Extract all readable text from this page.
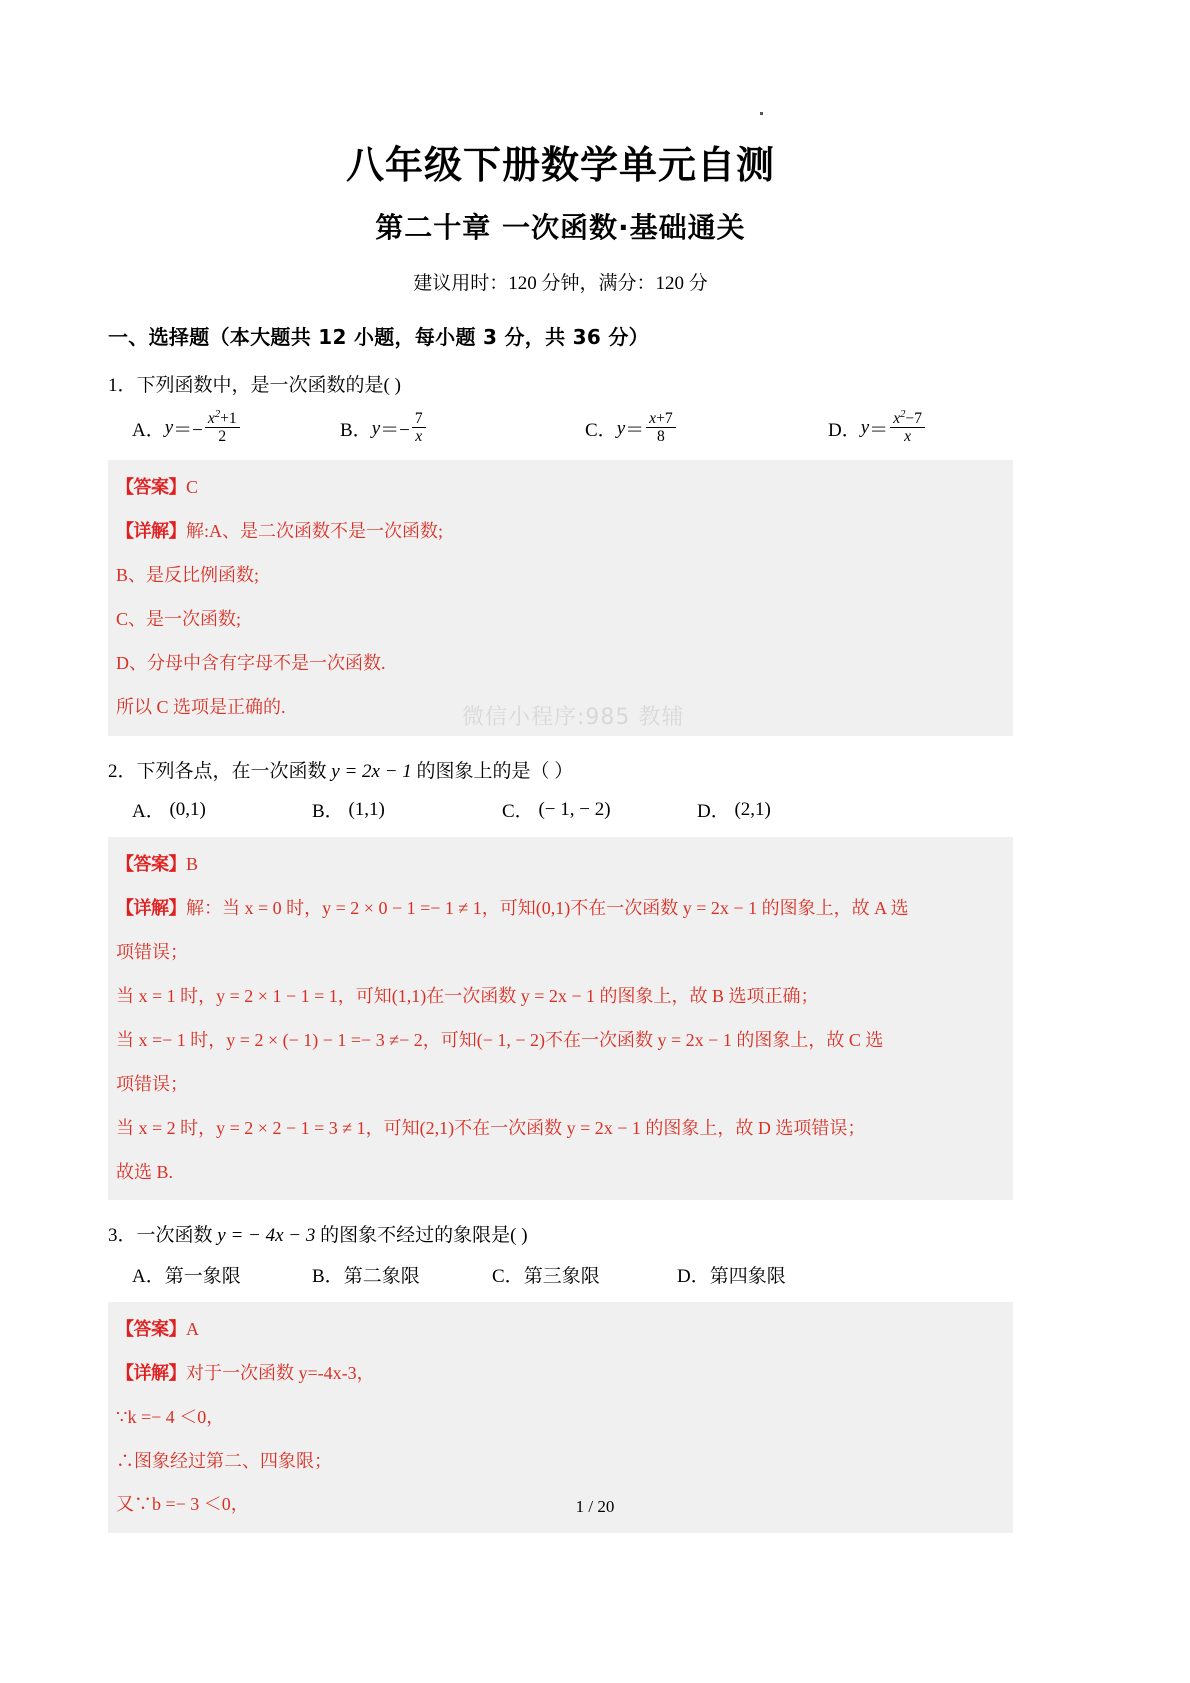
微信小程序:985 教辅
八年级下册数学单元自测
第二十章 一次函数·基础通关
建议用时：120 分钟，满分：120 分
一、选择题（本大题共 12 小题，每小题 3 分，共 36 分）
1．下列函数中，是一次函数的是( )
A． $y =- \frac{x^2+1}{2}$	B． $y =- \frac{7}{x}$	C． $y = \frac{x+7}{8}$	D． $y = \frac{x^2-7}{x}$
【答案】C
【详解】解:A、是二次函数不是一次函数;
B、是反比例函数;
C、是一次函数;
D、分母中含有字母不是一次函数.
所以 C 选项是正确的.
2．下列各点，在一次函数 y = 2x − 1 的图象上的是（ ）
A．
(0,1)	B．
(1,1)	C．
(− 1, − 2)	D．
(2,1)
【答案】B
【详解】解：当 x = 0 时，y = 2 × 0 − 1 =− 1 ≠ 1，可知(0,1)不在一次函数 y = 2x − 1 的图象上，故 A 选
项错误；
当 x = 1 时，y = 2 × 1 − 1 = 1，可知(1,1)在一次函数 y = 2x − 1 的图象上，故 B 选项正确；
当 x =− 1 时，y = 2 × (− 1) − 1 =− 3 ≠− 2，可知(− 1, − 2)不在一次函数 y = 2x − 1 的图象上，故 C 选
项错误；
当 x = 2 时，y = 2 × 2 − 1 = 3 ≠ 1，可知(2,1)不在一次函数 y = 2x − 1 的图象上，故 D 选项错误；
故选 B.
3．一次函数 y = − 4x − 3 的图象不经过的象限是( )
A． 第一象限	B． 第二象限	C． 第三象限	D． 第四象限
【答案】A
【详解】对于一次函数 y=-4x-3，
∵k =− 4 ＜0，
∴图象经过第二、四象限；
又∵b =− 3 ＜0，	1 / 20
